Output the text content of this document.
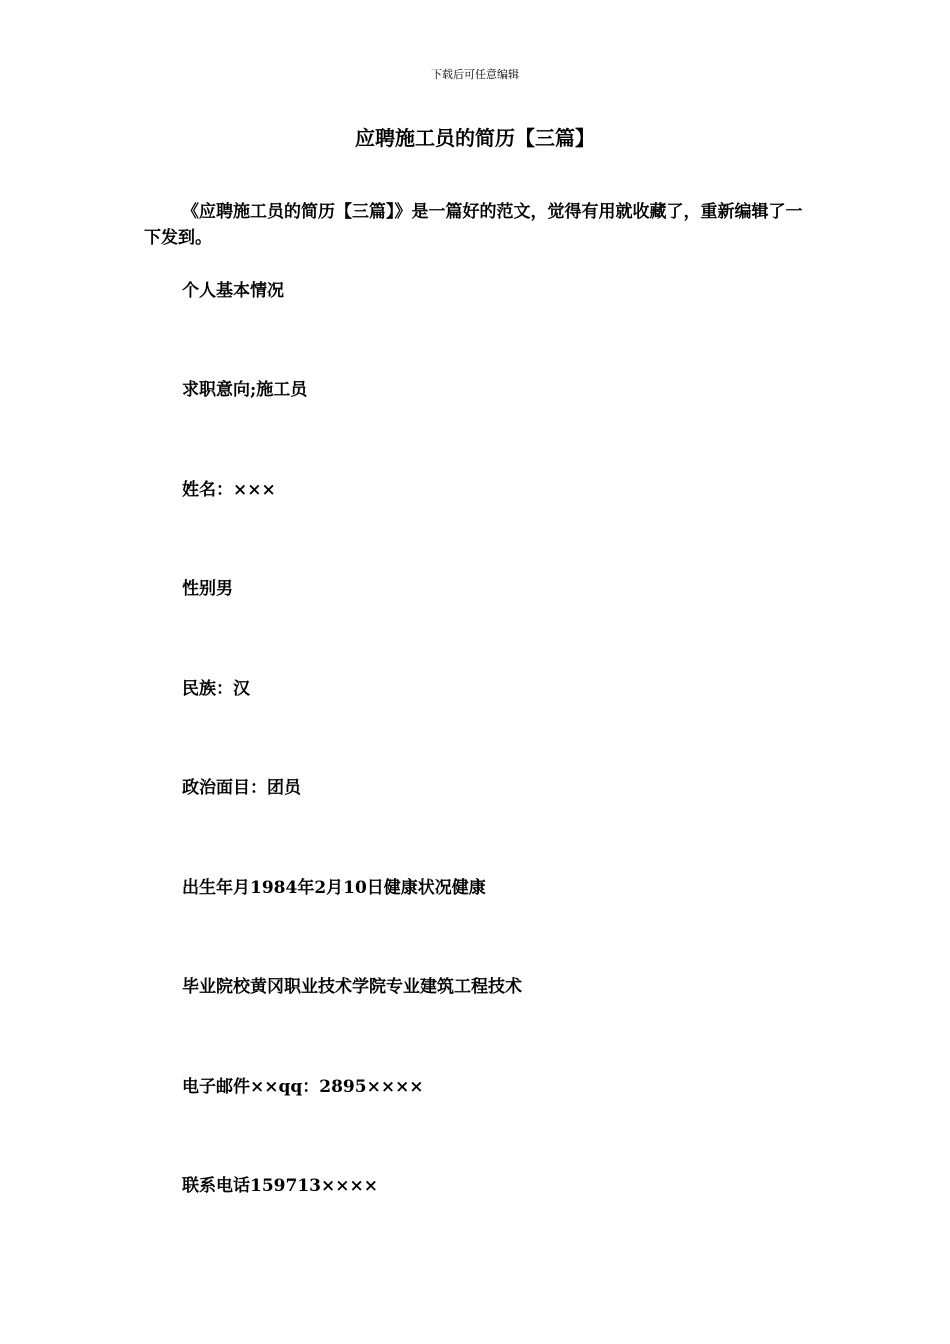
下载后可任意编辑
应聘施工员的简历【三篇】

《应聘施工员的简历【三篇】》是一篇好的范文，觉得有用就收藏了，重新编辑了一下发到。

个人基本情况

求职意向;施工员

姓名：×××

性别男

民族：汉

政治面目：团员

出生年月1984年2月10日健康状况健康

毕业院校黄冈职业技术学院专业建筑工程技术

电子邮件××qq：2895××××

联系电话159713××××
